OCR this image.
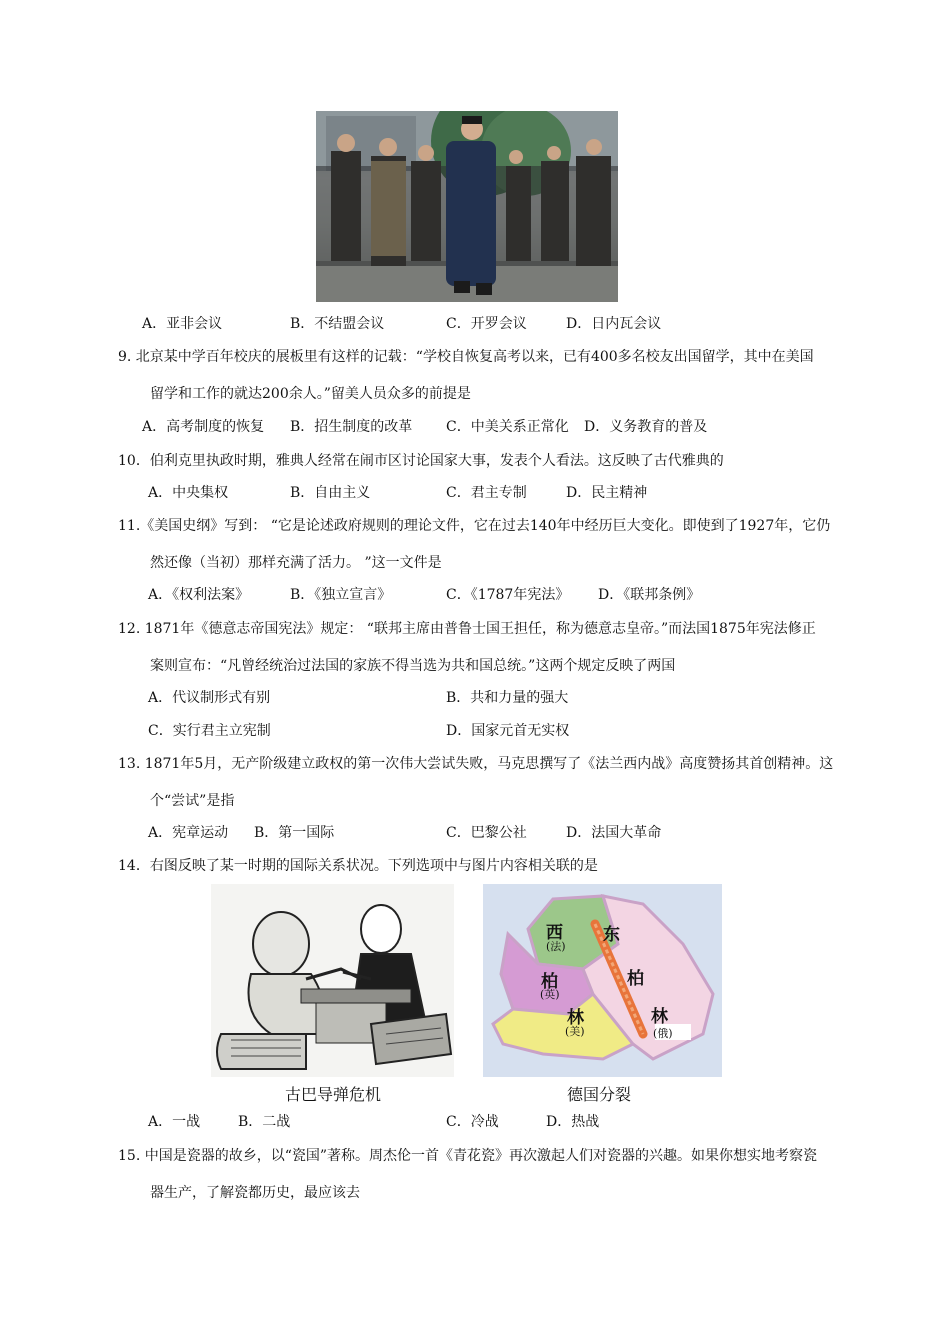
A．亚非会议	B．不结盟会议	C．开罗会议	D．日内瓦会议
9. 北京某中学百年校庆的展板里有这样的记载：“学校自恢复高考以来，已有400多名校友出国留学，其中在美国
留学和工作的就达200余人。”留美人员众多的前提是
A．高考制度的恢复 B．招生制度的改革 C．中美关系正常化 D．义务教育的普及
10．伯利克里执政时期，雅典人经常在闹市区讨论国家大事，发表个人看法。这反映了古代雅典的
A．中央集权	B．自由主义	C．君主专制	D．民主精神
11.《美国史纲》写到： “它是论述政府规则的理论文件，它在过去140年中经历巨大变化。即使到了1927年，它仍
然还像（当初）那样充满了活力。 ”这一文件是
A．《权利法案》	B．《独立宣言》	C．《1787年宪法》 D．《联邦条例》
12. 1871年《德意志帝国宪法》规定： “联邦主席由普鲁士国王担任，称为德意志皇帝。”而法国1875年宪法修正
案则宣布：“凡曾经统治过法国的家族不得当选为共和国总统。”这两个规定反映了两国
A．代议制形式有别	B．共和力量的强大
C．实行君主立宪制	D．国家元首无实权
13. 1871年5月，无产阶级建立政权的第一次伟大尝试失败，马克思撰写了《法兰西内战》高度赞扬其首创精神。这
个“尝试”是指
A．宪章运动 B．第一国际	C．巴黎公社	D．法国大革命
14．右图反映了某一时期的国际关系状况。下列选项中与图片内容相关联的是
西
(法)
柏
(英)
林
(美)
东
柏
林
(俄)
古巴导弹危机	德国分裂
A．一战	B．二战	C．冷战	D．热战
15. 中国是瓷器的故乡，以“瓷国”著称。周杰伦一首《青花瓷》再次激起人们对瓷器的兴趣。如果你想实地考察瓷
器生产，了解瓷都历史，最应该去
